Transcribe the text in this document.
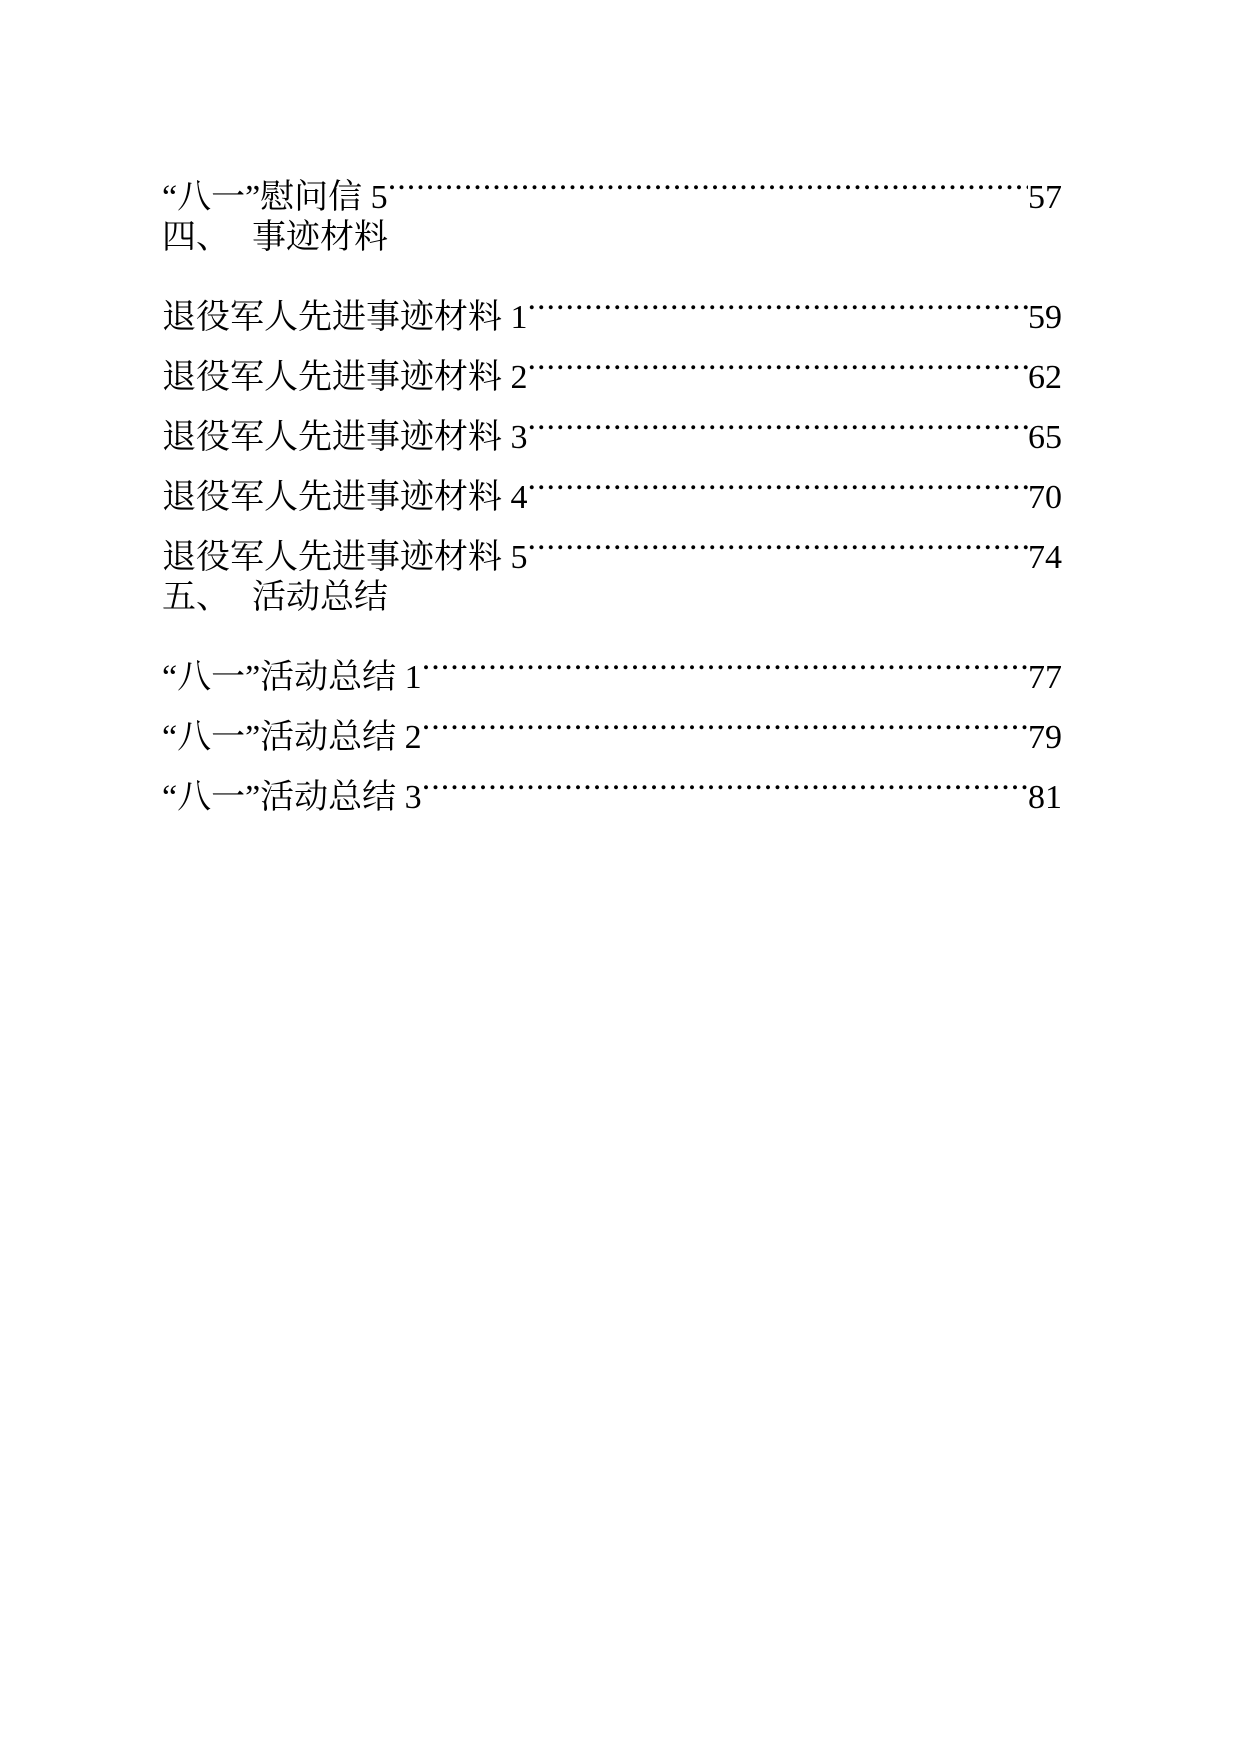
“八一”慰问信 5 .....	57
四、 事迹材料
退役军人先进事迹材料 1 .....	59
退役军人先进事迹材料 2 .....	62
退役军人先进事迹材料 3 .....	65
退役军人先进事迹材料 4 .....	70
退役军人先进事迹材料 5 .....	74
五、 活动总结
“八一”活动总结 1 .....	77
“八一”活动总结 2 .....	79
“八一”活动总结 3 .....	81
